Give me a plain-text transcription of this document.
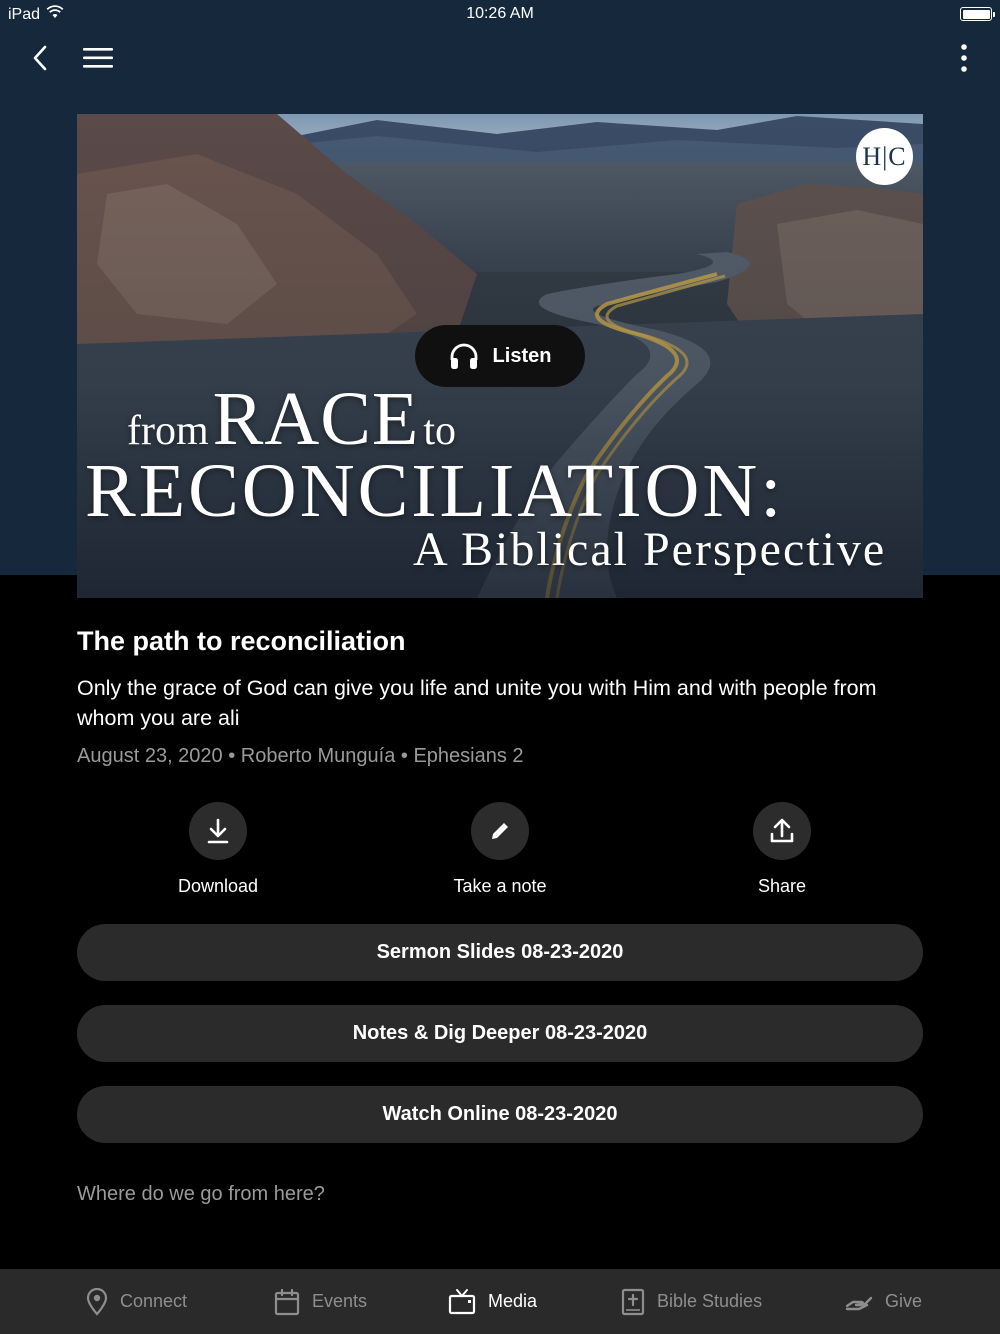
iPad	10:26 AM
H|C
from RACE to
RECONCILIATION:
A Biblical Perspective
Listen
The path to reconciliation
Only the grace of God can give you life and unite you with Him and with people from whom you are ali
August 23, 2020 • Roberto Munguía • Ephesians 2
Download	Take a note	Share
Sermon Slides 08-23-2020
Notes & Dig Deeper 08-23-2020
Watch Online 08-23-2020
Where do we go from here?
Connect	Events	Media	Bible Studies	Give
